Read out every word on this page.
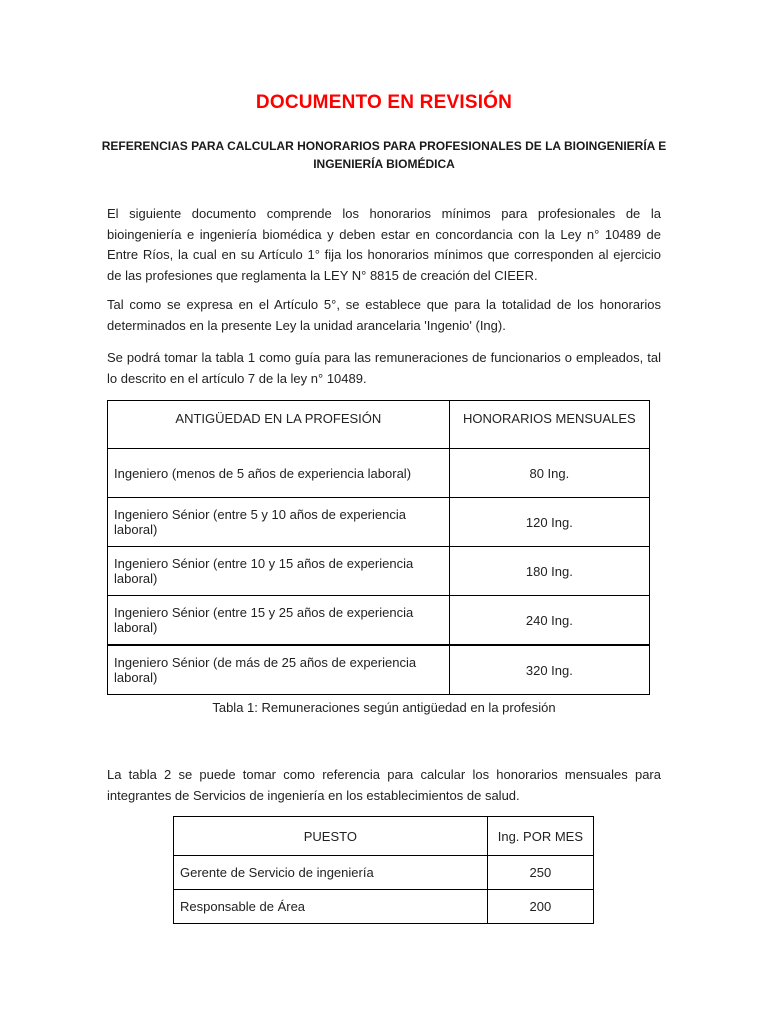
DOCUMENTO EN REVISIÓN
REFERENCIAS PARA CALCULAR HONORARIOS PARA PROFESIONALES DE LA BIOINGENIERÍA E INGENIERÍA BIOMÉDICA

El siguiente documento comprende los honorarios mínimos para profesionales de la bioingeniería e ingeniería biomédica y deben estar en concordancia con la Ley n° 10489 de Entre Ríos, la cual en su Artículo 1° fija los honorarios mínimos que corresponden al ejercicio de las profesiones que reglamenta la LEY N° 8815 de creación del CIEER.

Tal como se expresa en el Artículo 5°, se establece que para la totalidad de los honorarios determinados en la presente Ley la unidad arancelaria 'Ingenio' (Ing).

Se podrá tomar la tabla 1 como guía para las remuneraciones de funcionarios o empleados, tal lo descrito en el artículo 7 de la ley n° 10489.

ANTIGÜEDAD EN LA PROFESIÓN	HONORARIOS MENSUALES
Ingeniero (menos de 5 años de experiencia laboral)	80 Ing.
Ingeniero Sénior (entre 5 y 10 años de experiencia laboral)	120 Ing.
Ingeniero Sénior (entre 10 y 15 años de experiencia laboral)	180 Ing.
Ingeniero Sénior (entre 15 y 25 años de experiencia laboral)	240 Ing.
Ingeniero Sénior (de más de 25 años de experiencia laboral)	320 Ing.
Tabla 1: Remuneraciones según antigüedad en la profesión

La tabla 2 se puede tomar como referencia para calcular los honorarios mensuales para integrantes de Servicios de ingeniería en los establecimientos de salud.

PUESTO	Ing. POR MES
Gerente de Servicio de ingeniería	250
Responsable de Área	200
